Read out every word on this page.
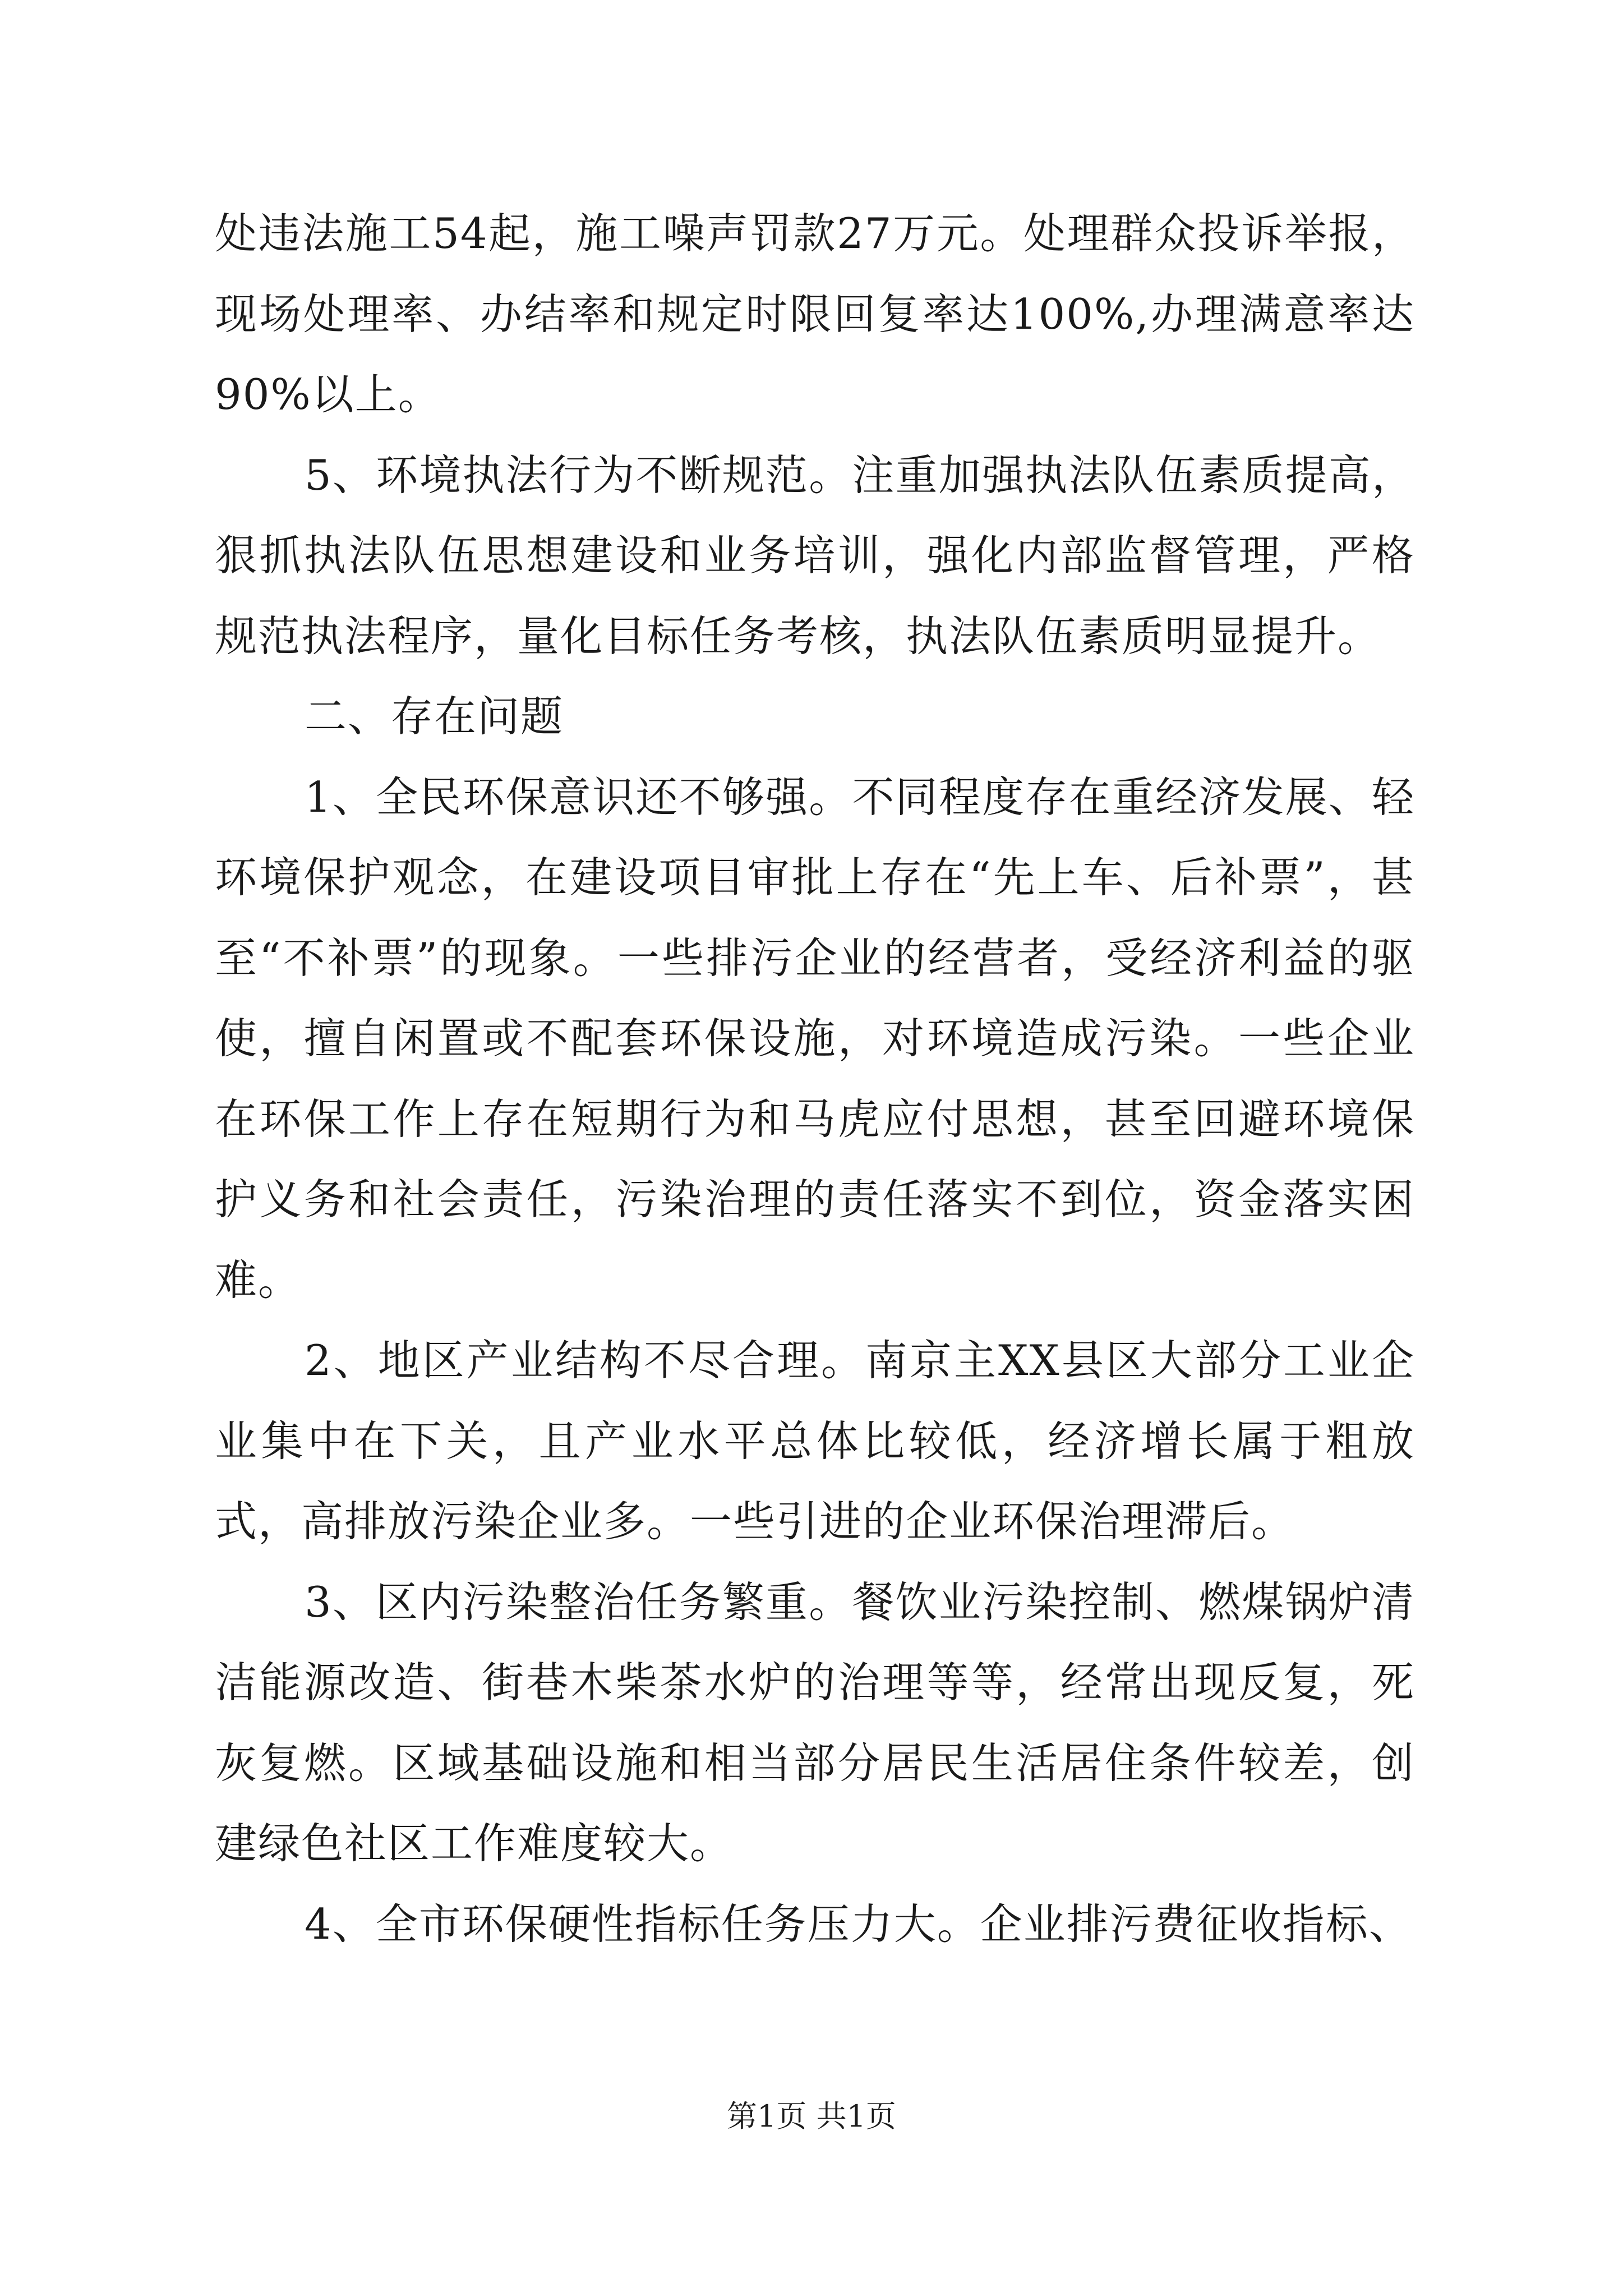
处违法施工54起，施工噪声罚款27万元。处理群众投诉举报，现场处理率、办结率和规定时限回复率达100%,办理满意率达90%以上。

5、环境执法行为不断规范。注重加强执法队伍素质提高，狠抓执法队伍思想建设和业务培训，强化内部监督管理，严格规范执法程序，量化目标任务考核，执法队伍素质明显提升。

二、存在问题

1、全民环保意识还不够强。不同程度存在重经济发展、轻环境保护观念，在建设项目审批上存在“先上车、后补票”，甚至“不补票”的现象。一些排污企业的经营者，受经济利益的驱使，擅自闲置或不配套环保设施，对环境造成污染。一些企业在环保工作上存在短期行为和马虎应付思想，甚至回避环境保护义务和社会责任，污染治理的责任落实不到位，资金落实困难。

2、地区产业结构不尽合理。南京主XX县区大部分工业企业集中在下关，且产业水平总体比较低，经济增长属于粗放式，高排放污染企业多。一些引进的企业环保治理滞后。

3、区内污染整治任务繁重。餐饮业污染控制、燃煤锅炉清洁能源改造、街巷木柴茶水炉的治理等等，经常出现反复，死灰复燃。区域基础设施和相当部分居民生活居住条件较差，创建绿色社区工作难度较大。

4、全市环保硬性指标任务压力大。企业排污费征收指标、

第1页 共1页
